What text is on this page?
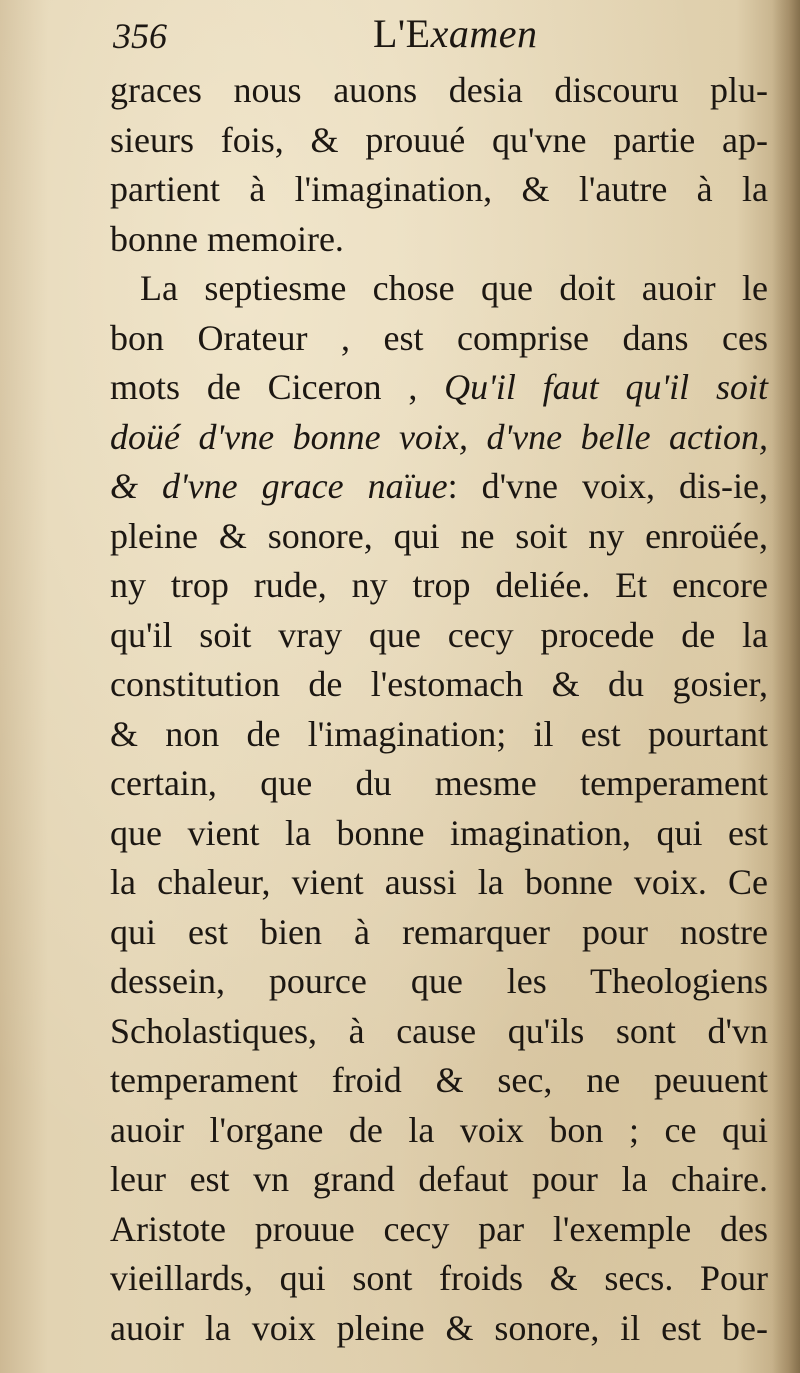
356	L'Examen
graces nous auons desia discouru plu-
sieurs fois, & prouué qu'vne partie ap-
partient à l'imagination, & l'autre à la
bonne memoire.
La septiesme chose que doit auoir le
bon Orateur , est comprise dans ces
mots de Ciceron , Qu'il faut qu'il soit
doüé d'vne bonne voix, d'vne belle action,
& d'vne grace naïue: d'vne voix, dis-ie,
pleine & sonore, qui ne soit ny enroüée,
ny trop rude, ny trop deliée. Et encore
qu'il soit vray que cecy procede de la
constitution de l'estomach & du gosier,
& non de l'imagination; il est pourtant
certain, que du mesme temperament
que vient la bonne imagination, qui est
la chaleur, vient aussi la bonne voix. Ce
qui est bien à remarquer pour nostre
dessein, pource que les Theologiens
Scholastiques, à cause qu'ils sont d'vn
temperament froid & sec, ne peuuent
auoir l'organe de la voix bon ; ce qui
leur est vn grand defaut pour la chaire.
Aristote prouue cecy par l'exemple des
vieillards, qui sont froids & secs. Pour
auoir la voix pleine & sonore, il est be-
